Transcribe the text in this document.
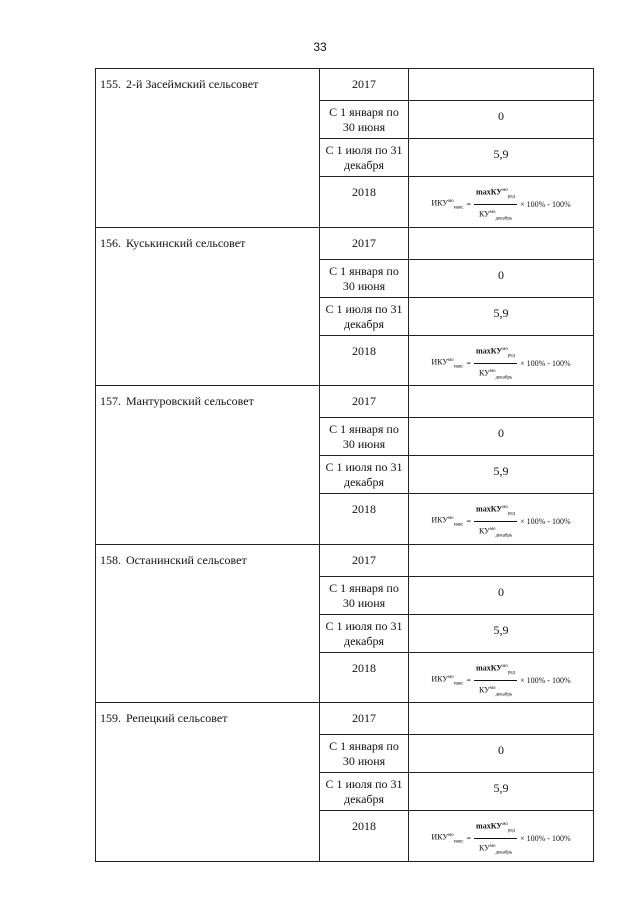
33
155. 2-й Засеймский сельсовет	2017	
	С 1 января по 30 июня	0
	С 1 июля по 31 декабря	5,9
	2018	$ИКУ^{мо}_{макс} = \frac{\max КУ^{мо}_{ред}}{КУ^{мо}_{декабрь}} \times 100\% - 100\%$

156. Куськинский сельсовет	2017	
	С 1 января по 30 июня	0
	С 1 июля по 31 декабря	5,9
	2018	$ИКУ^{мо}_{макс} = \frac{\max КУ^{мо}_{ред}}{КУ^{мо}_{декабрь}} \times 100\% - 100\%$

157. Мантуровский сельсовет	2017	
	С 1 января по 30 июня	0
	С 1 июля по 31 декабря	5,9
	2018	$ИКУ^{мо}_{макс} = \frac{\max КУ^{мо}_{ред}}{КУ^{мо}_{декабрь}} \times 100\% - 100\%$

158. Останинский сельсовет	2017	
	С 1 января по 30 июня	0
	С 1 июля по 31 декабря	5,9
	2018	$ИКУ^{мо}_{макс} = \frac{\max КУ^{мо}_{ред}}{КУ^{мо}_{декабрь}} \times 100\% - 100\%$

159. Репецкий сельсовет	2017	
	С 1 января по 30 июня	0
	С 1 июля по 31 декабря	5,9
	2018	$ИКУ^{мо}_{макс} = \frac{\max КУ^{мо}_{ред}}{КУ^{мо}_{декабрь}} \times 100\% - 100\%$
